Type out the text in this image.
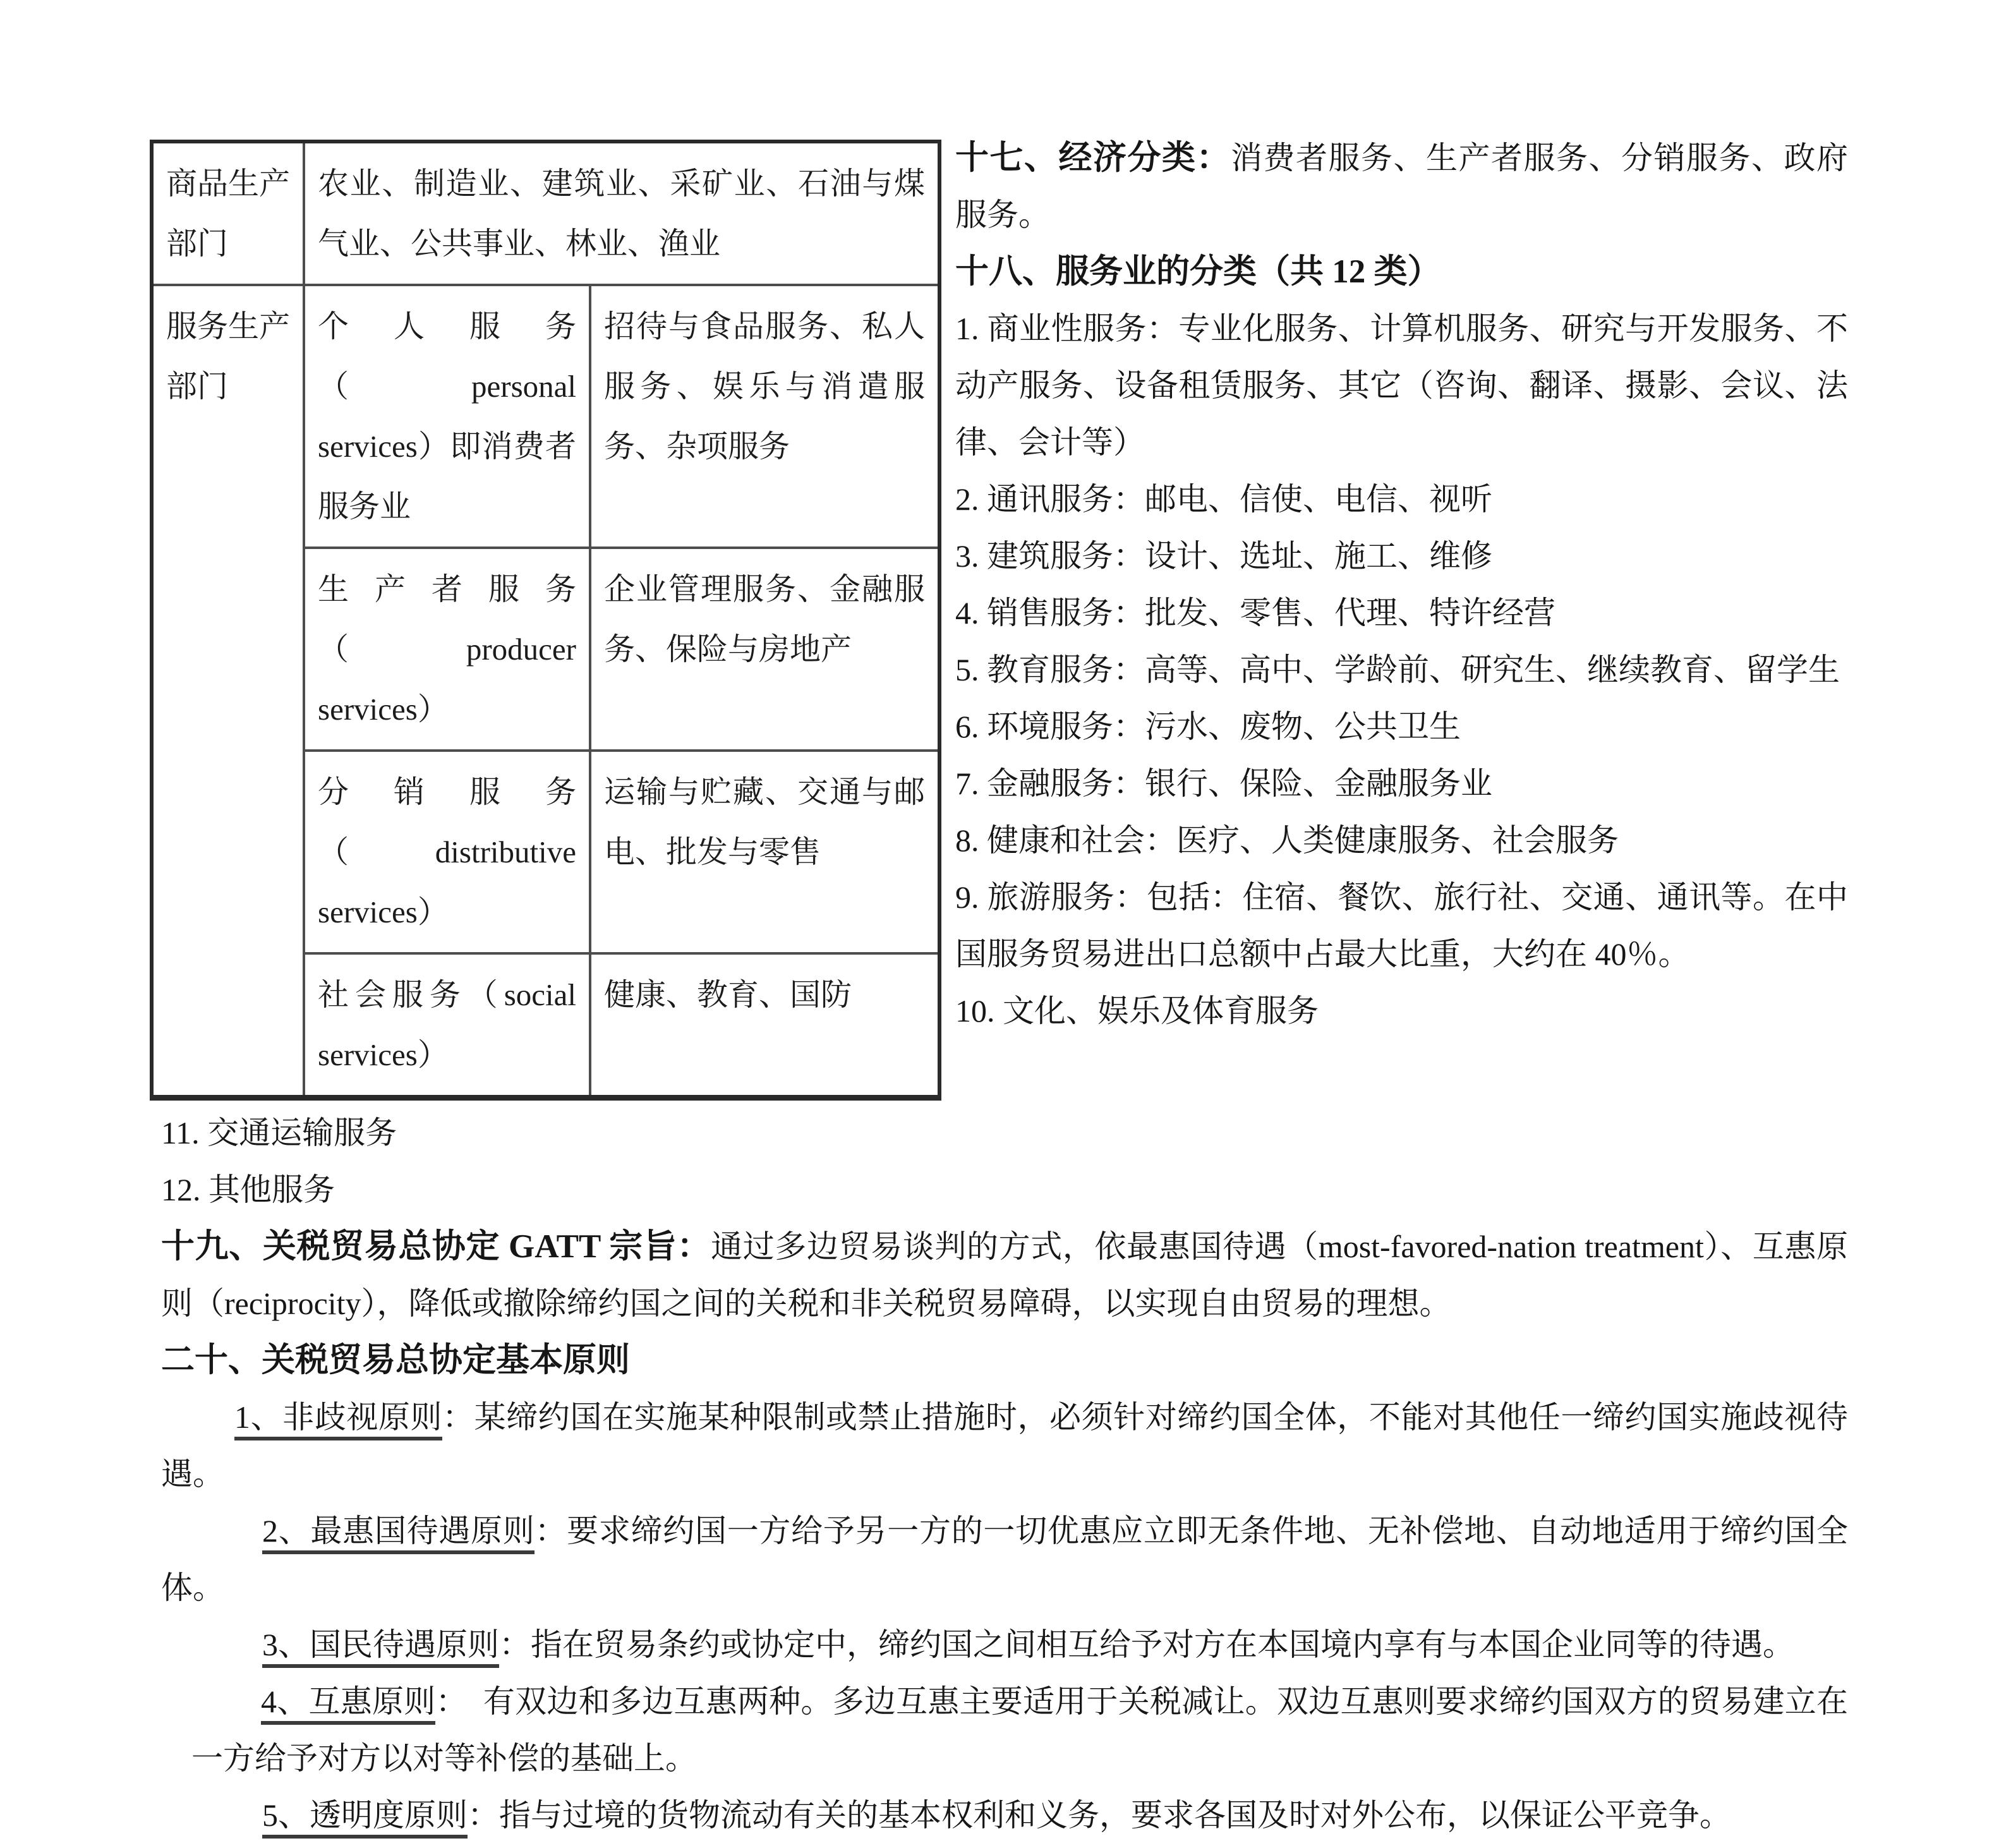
商品生产部门	农业、制造业、建筑业、采矿业、石油与煤气业、公共事业、林业、渔业	
服务生产部门	个人服务（personal services）即消费者服务业	招待与食品服务、私人服务、娱乐与消遣服务、杂项服务
	生产者服务（producer services）	企业管理服务、金融服务、保险与房地产
	分销服务（distributive services）	运输与贮藏、交通与邮电、批发与零售
	社会服务（social services）	健康、教育、国防

十七、经济分类：消费者服务、生产者服务、分销服务、政府服务。

十八、服务业的分类（共 12 类）

1. 商业性服务：专业化服务、计算机服务、研究与开发服务、不动产服务、设备租赁服务、其它（咨询、翻译、摄影、会议、法律、会计等）

2. 通讯服务：邮电、信使、电信、视听

3. 建筑服务：设计、选址、施工、维修

4. 销售服务：批发、零售、代理、特许经营

5. 教育服务：高等、高中、学龄前、研究生、继续教育、留学生

6. 环境服务：污水、废物、公共卫生

7. 金融服务：银行、保险、金融服务业

8. 健康和社会：医疗、人类健康服务、社会服务

9. 旅游服务：包括：住宿、餐饮、旅行社、交通、通讯等。在中国服务贸易进出口总额中占最大比重，大约在 40％。

10. 文化、娱乐及体育服务

11. 交通运输服务

12. 其他服务

十九、关税贸易总协定 GATT 宗旨：通过多边贸易谈判的方式，依最惠国待遇（most-favored-nation treatment）、互惠原则（reciprocity），降低或撤除缔约国之间的关税和非关税贸易障碍，以实现自由贸易的理想。

二十、关税贸易总协定基本原则

1、非歧视原则：某缔约国在实施某种限制或禁止措施时，必须针对缔约国全体，不能对其他任一缔约国实施歧视待遇。

2、最惠国待遇原则：要求缔约国一方给予另一方的一切优惠应立即无条件地、无补偿地、自动地适用于缔约国全体。

3、国民待遇原则：指在贸易条约或协定中，缔约国之间相互给予对方在本国境内享有与本国企业同等的待遇。

4、互惠原则：　有双边和多边互惠两种。多边互惠主要适用于关税减让。双边互惠则要求缔约国双方的贸易建立在一方给予对方以对等补偿的基础上。

5、透明度原则：指与过境的货物流动有关的基本权利和义务，要求各国及时对外公布，以保证公平竞争。
